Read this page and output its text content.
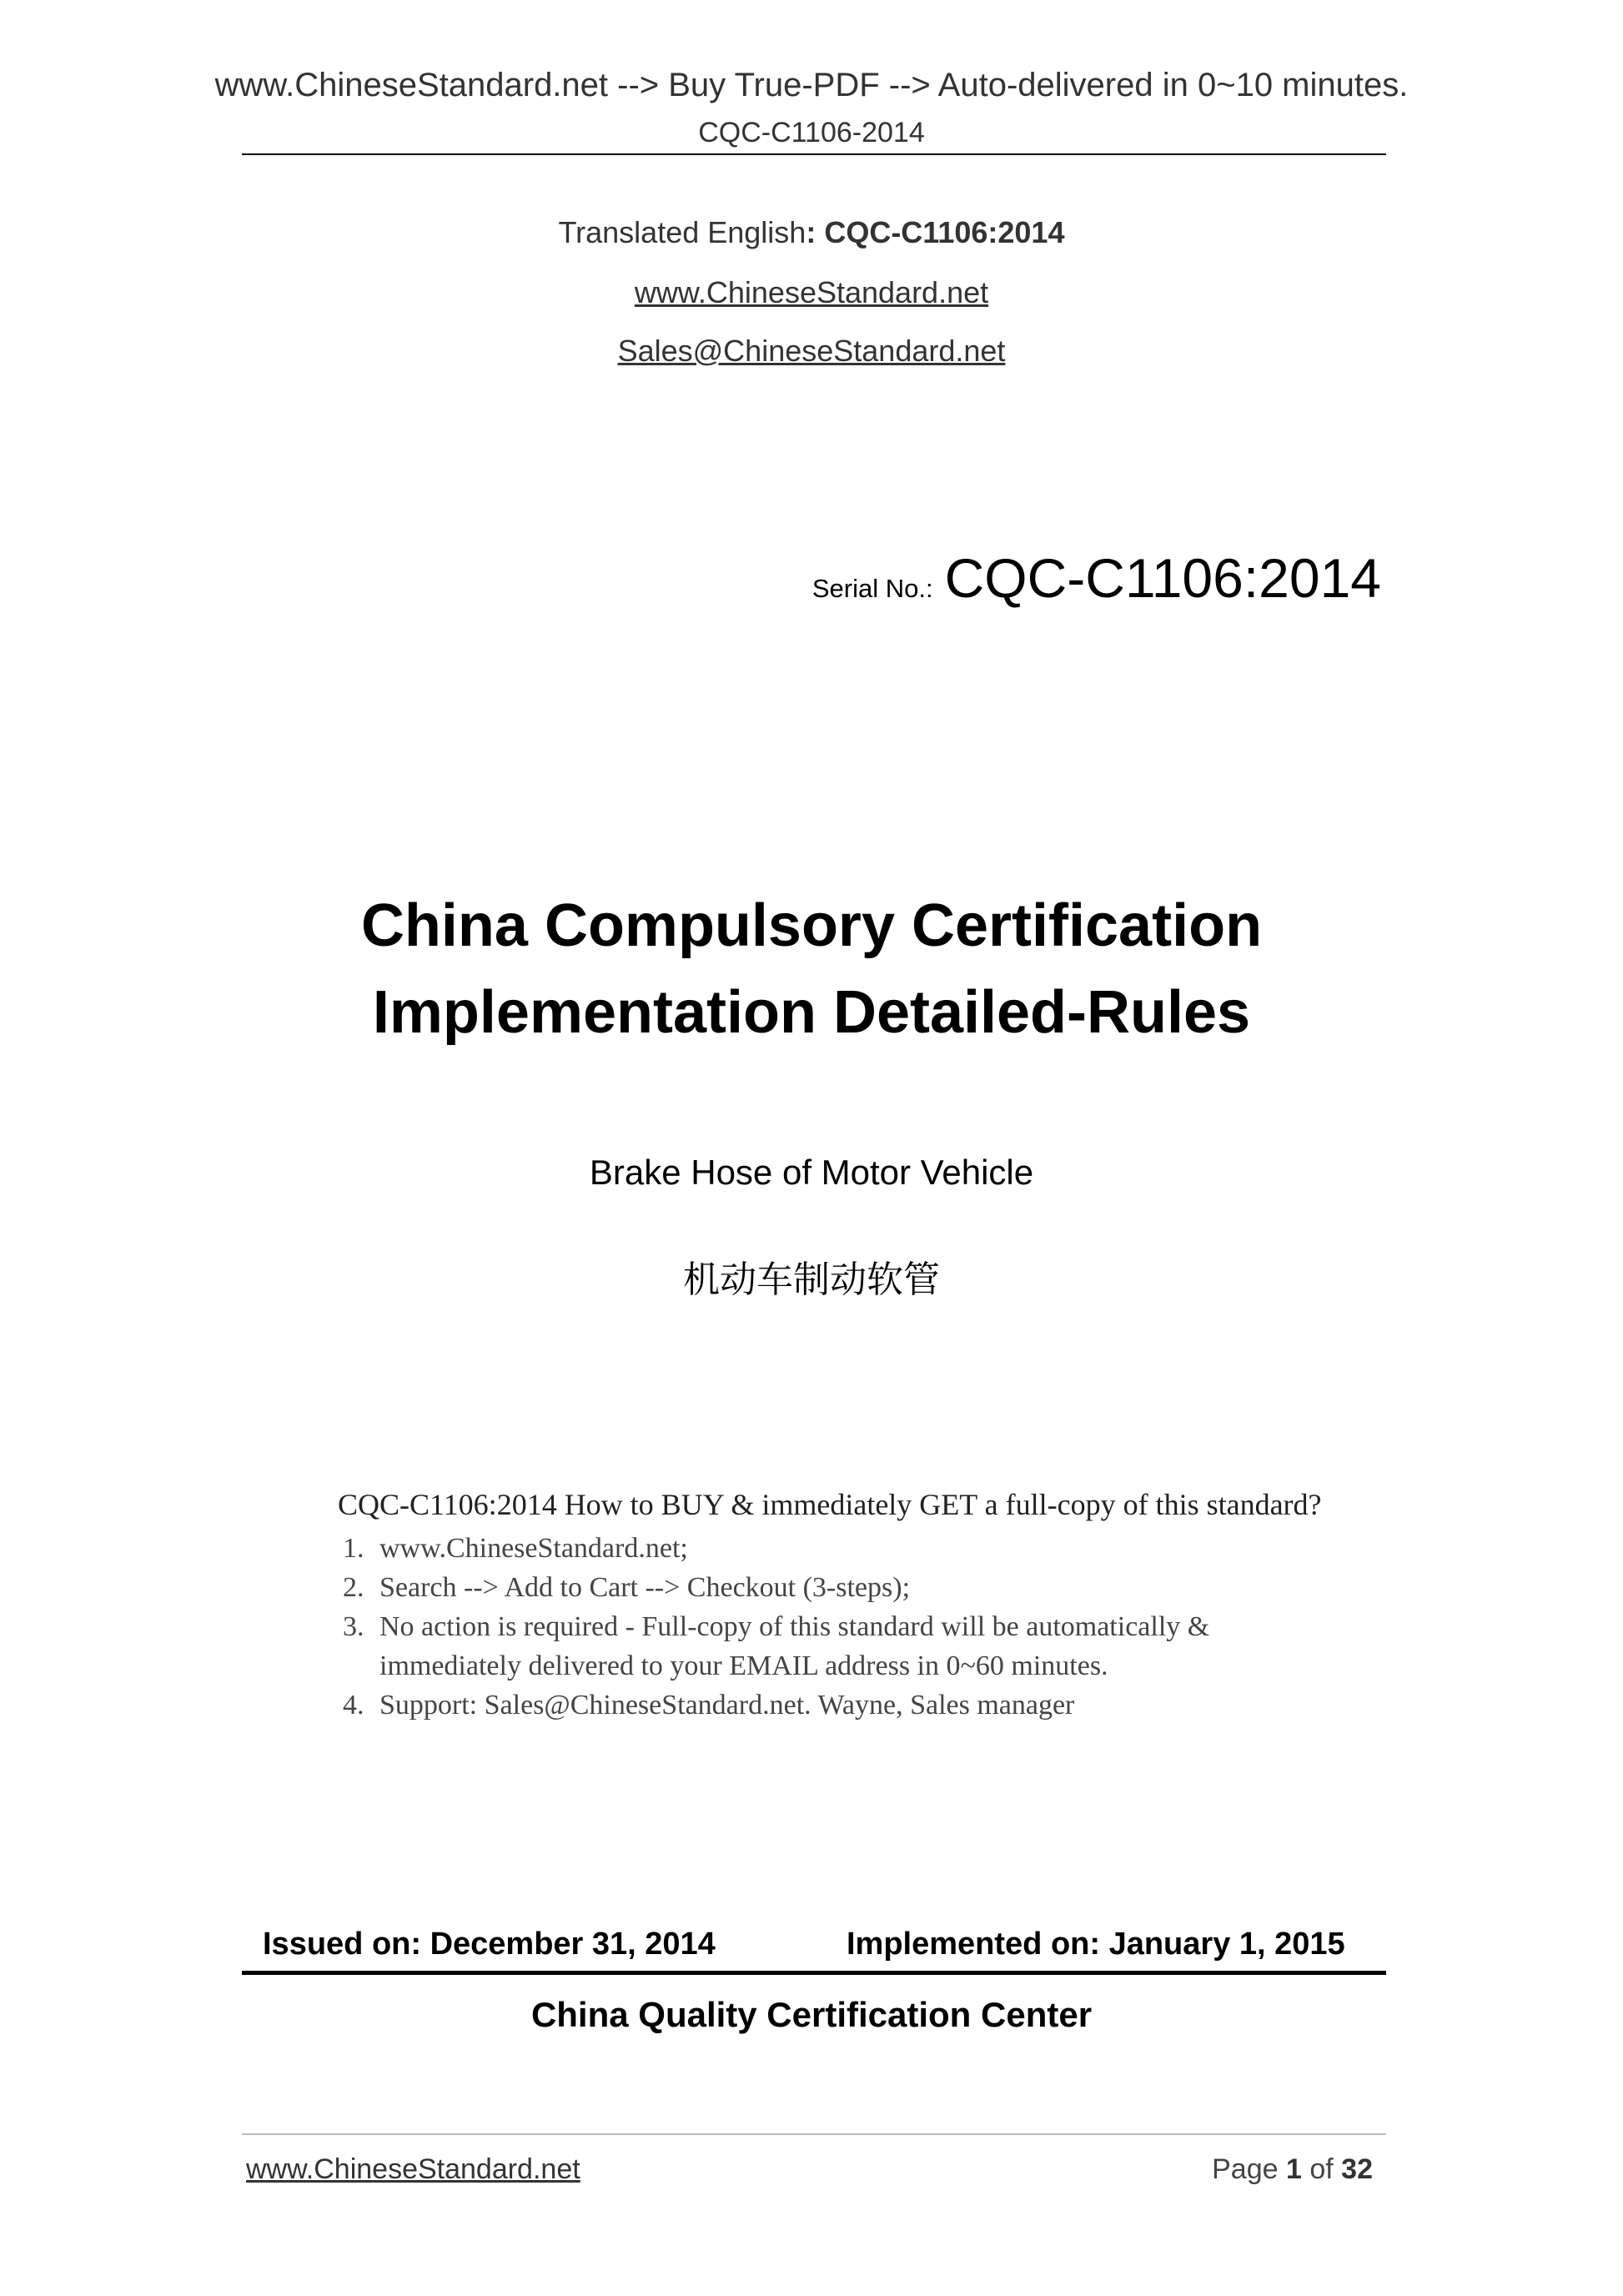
www.ChineseStandard.net --> Buy True-PDF --> Auto-delivered in 0~10 minutes.
CQC-C1106-2014
Translated English: CQC-C1106:2014
www.ChineseStandard.net
Sales@ChineseStandard.net
Serial No.: CQC-C1106:2014
China Compulsory Certification
Implementation Detailed-Rules
Brake Hose of Motor Vehicle
机动车制动软管
CQC-C1106:2014 How to BUY & immediately GET a full-copy of this standard?
1. www.ChineseStandard.net;
2. Search --> Add to Cart --> Checkout (3-steps);
3. No action is required - Full-copy of this standard will be automatically & immediately delivered to your EMAIL address in 0~60 minutes.
4. Support: Sales@ChineseStandard.net. Wayne, Sales manager
Issued on: December 31, 2014	Implemented on: January 1, 2015
China Quality Certification Center
www.ChineseStandard.net	Page 1 of 32
